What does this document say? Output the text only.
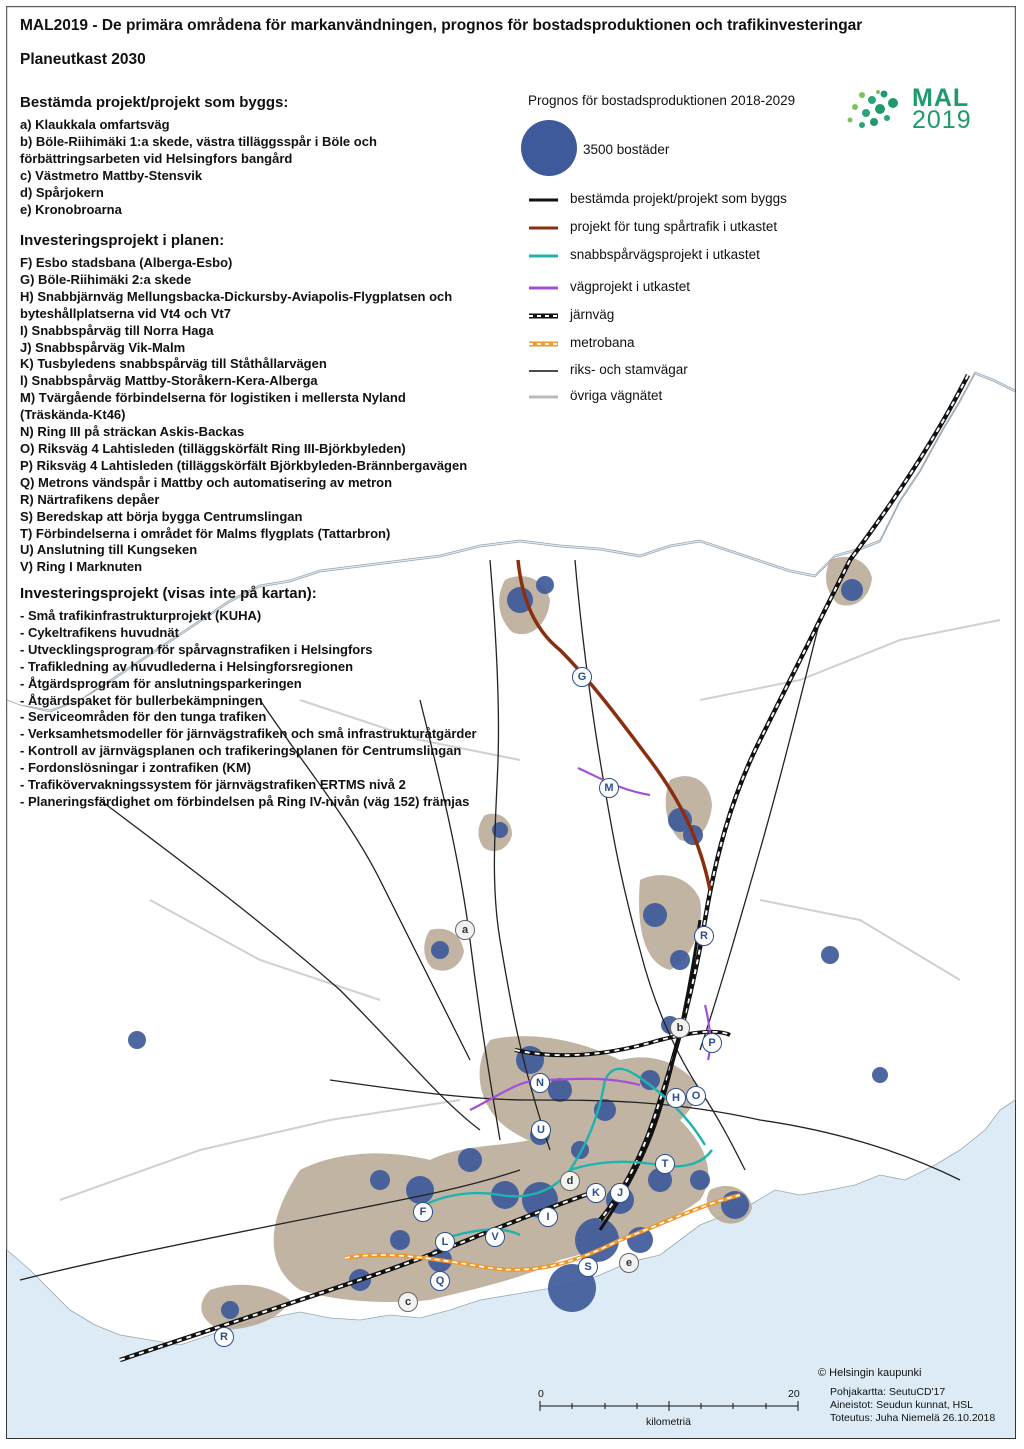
MAL2019 - De primära områdena för markanvändningen, prognos för bostadsproduktionen och trafikinvesteringar

Planeutkast 2030

Bestämda projekt/projekt som byggs:
a) Klaukkala omfartsväg
b) Böle-Riihimäki 1:a skede, västra tilläggsspår i Böle och
förbättringsarbeten vid Helsingfors bangård
c) Västmetro Mattby-Stensvik
d) Spårjokern
e) Kronobroarna
Investeringsprojekt i planen:
F) Esbo stadsbana (Alberga-Esbo)
G) Böle-Riihimäki 2:a skede
H) Snabbjärnväg Mellungsbacka-Dickursby-Aviapolis-Flygplatsen och
byteshållplatserna vid Vt4 och Vt7
I) Snabbspårväg till Norra Haga
J) Snabbspårväg Vik-Malm
K) Tusbyledens snabbspårväg till Ståthållarvägen
l) Snabbspårväg Mattby-Storåkern-Kera-Alberga
M) Tvärgående förbindelserna för logistiken i mellersta Nyland
(Träskända-Kt46)
N) Ring III på sträckan Askis-Backas
O) Riksväg 4 Lahtisleden (tilläggskörfält Ring III-Björkbyleden)
P) Riksväg 4 Lahtisleden (tilläggskörfält Björkbyleden-Brännbergavägen
Q) Metrons vändspår i Mattby och automatisering av metron
R) Närtrafikens depåer
S) Beredskap att börja bygga Centrumslingan
T) Förbindelserna i området för Malms flygplats (Tattarbron)
U) Anslutning till Kungseken
V) Ring I Marknuten
Investeringsprojekt (visas inte på kartan):
- Små trafikinfrastrukturprojekt (KUHA)
- Cykeltrafikens huvudnät
- Utvecklingsprogram för spårvagnstrafiken i Helsingfors
- Trafikledning av huvudlederna i Helsingforsregionen
- Åtgärdsprogram för anslutningsparkeringen
- Åtgärdspaket för bullerbekämpningen
- Serviceområden för den tunga trafiken
- Verksamhetsmodeller för järnvägstrafiken och små infrastrukturåtgärder
- Kontroll av järnvägsplanen och trafikeringsplanen för Centrumslingan
- Fordonslösningar i zontrafiken (KM)
- Trafiköverva​kningssystem för järnvägstrafiken ERTMS nivå 2
- Planeringsfärdighet om förbindelsen på Ring IV-nivån (väg 152) främjas
MAL
2019
Prognos för bostadsproduktionen 2018-2029
bestämda projekt/projekt som byggs
projekt för tung spårtrafik i utkastet
snabbspårvägsprojekt i utkastet
vägprojekt i utkastet
järnväg
metrobana
riks- och stamvägar
övriga vägnätet
3500 bostäder
G
M
a	R
b
P
N
H	O
U
T
d
K	J
F	I
L	V
S	e
Q
c
R
0	20
kilometriä
© Helsingin kaupunki
Pohjakartta: SeutuCD'17
Aineistot: Seudun kunnat, HSL
Toteutus: Juha Niemelä 26.10.2018
